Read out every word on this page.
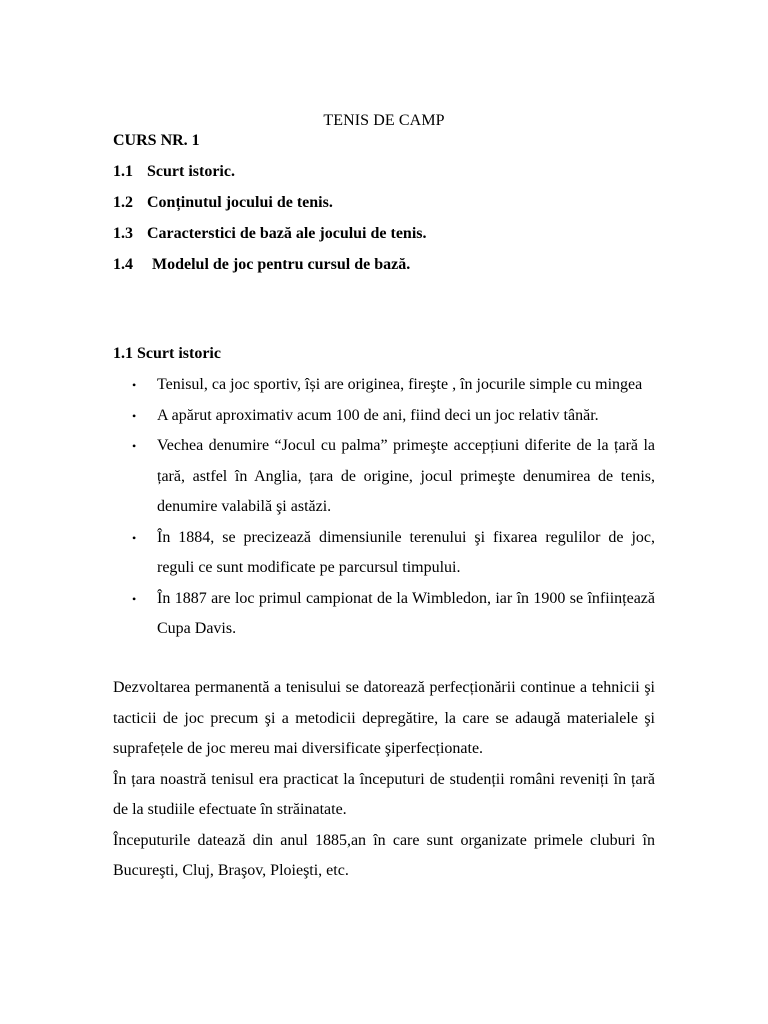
TENIS DE CAMP
CURS NR. 1
1.1 Scurt istoric.
1.2 Conținutul jocului de tenis.
1.3 Caracterstici de bază ale jocului de tenis.
1.4 Modelul de joc pentru cursul de bază.
1.1 Scurt istoric
• Tenisul, ca joc sportiv, își are originea, fireşte , în jocurile simple cu mingea
• A apărut aproximativ acum 100 de ani, fiind deci un joc relativ tânăr.
• Vechea denumire “Jocul cu palma” primeşte accepțiuni diferite de la țară la țară, astfel în Anglia, țara de origine, jocul primeşte denumirea de tenis, denumire valabilă şi astăzi.
• În 1884, se precizează dimensiunile terenului şi fixarea regulilor de joc, reguli ce sunt modificate pe parcursul timpului.
• În 1887 are loc primul campionat de la Wimbledon, iar în 1900 se înființează Cupa Davis.

Dezvoltarea permanentă a tenisului se datorează perfecționării continue a tehnicii şi tacticii de joc precum şi a metodicii depregătire, la care se adaugă materialele şi suprafețele de joc mereu mai diversificate şiperfecționate.

În țara noastră tenisul era practicat la începuturi de studenții români reveniți în țară de la studiile efectuate în străinatate.

Începuturile datează din anul 1885,an în care sunt organizate primele cluburi în Bucureşti, Cluj, Braşov, Ploieşti, etc.
